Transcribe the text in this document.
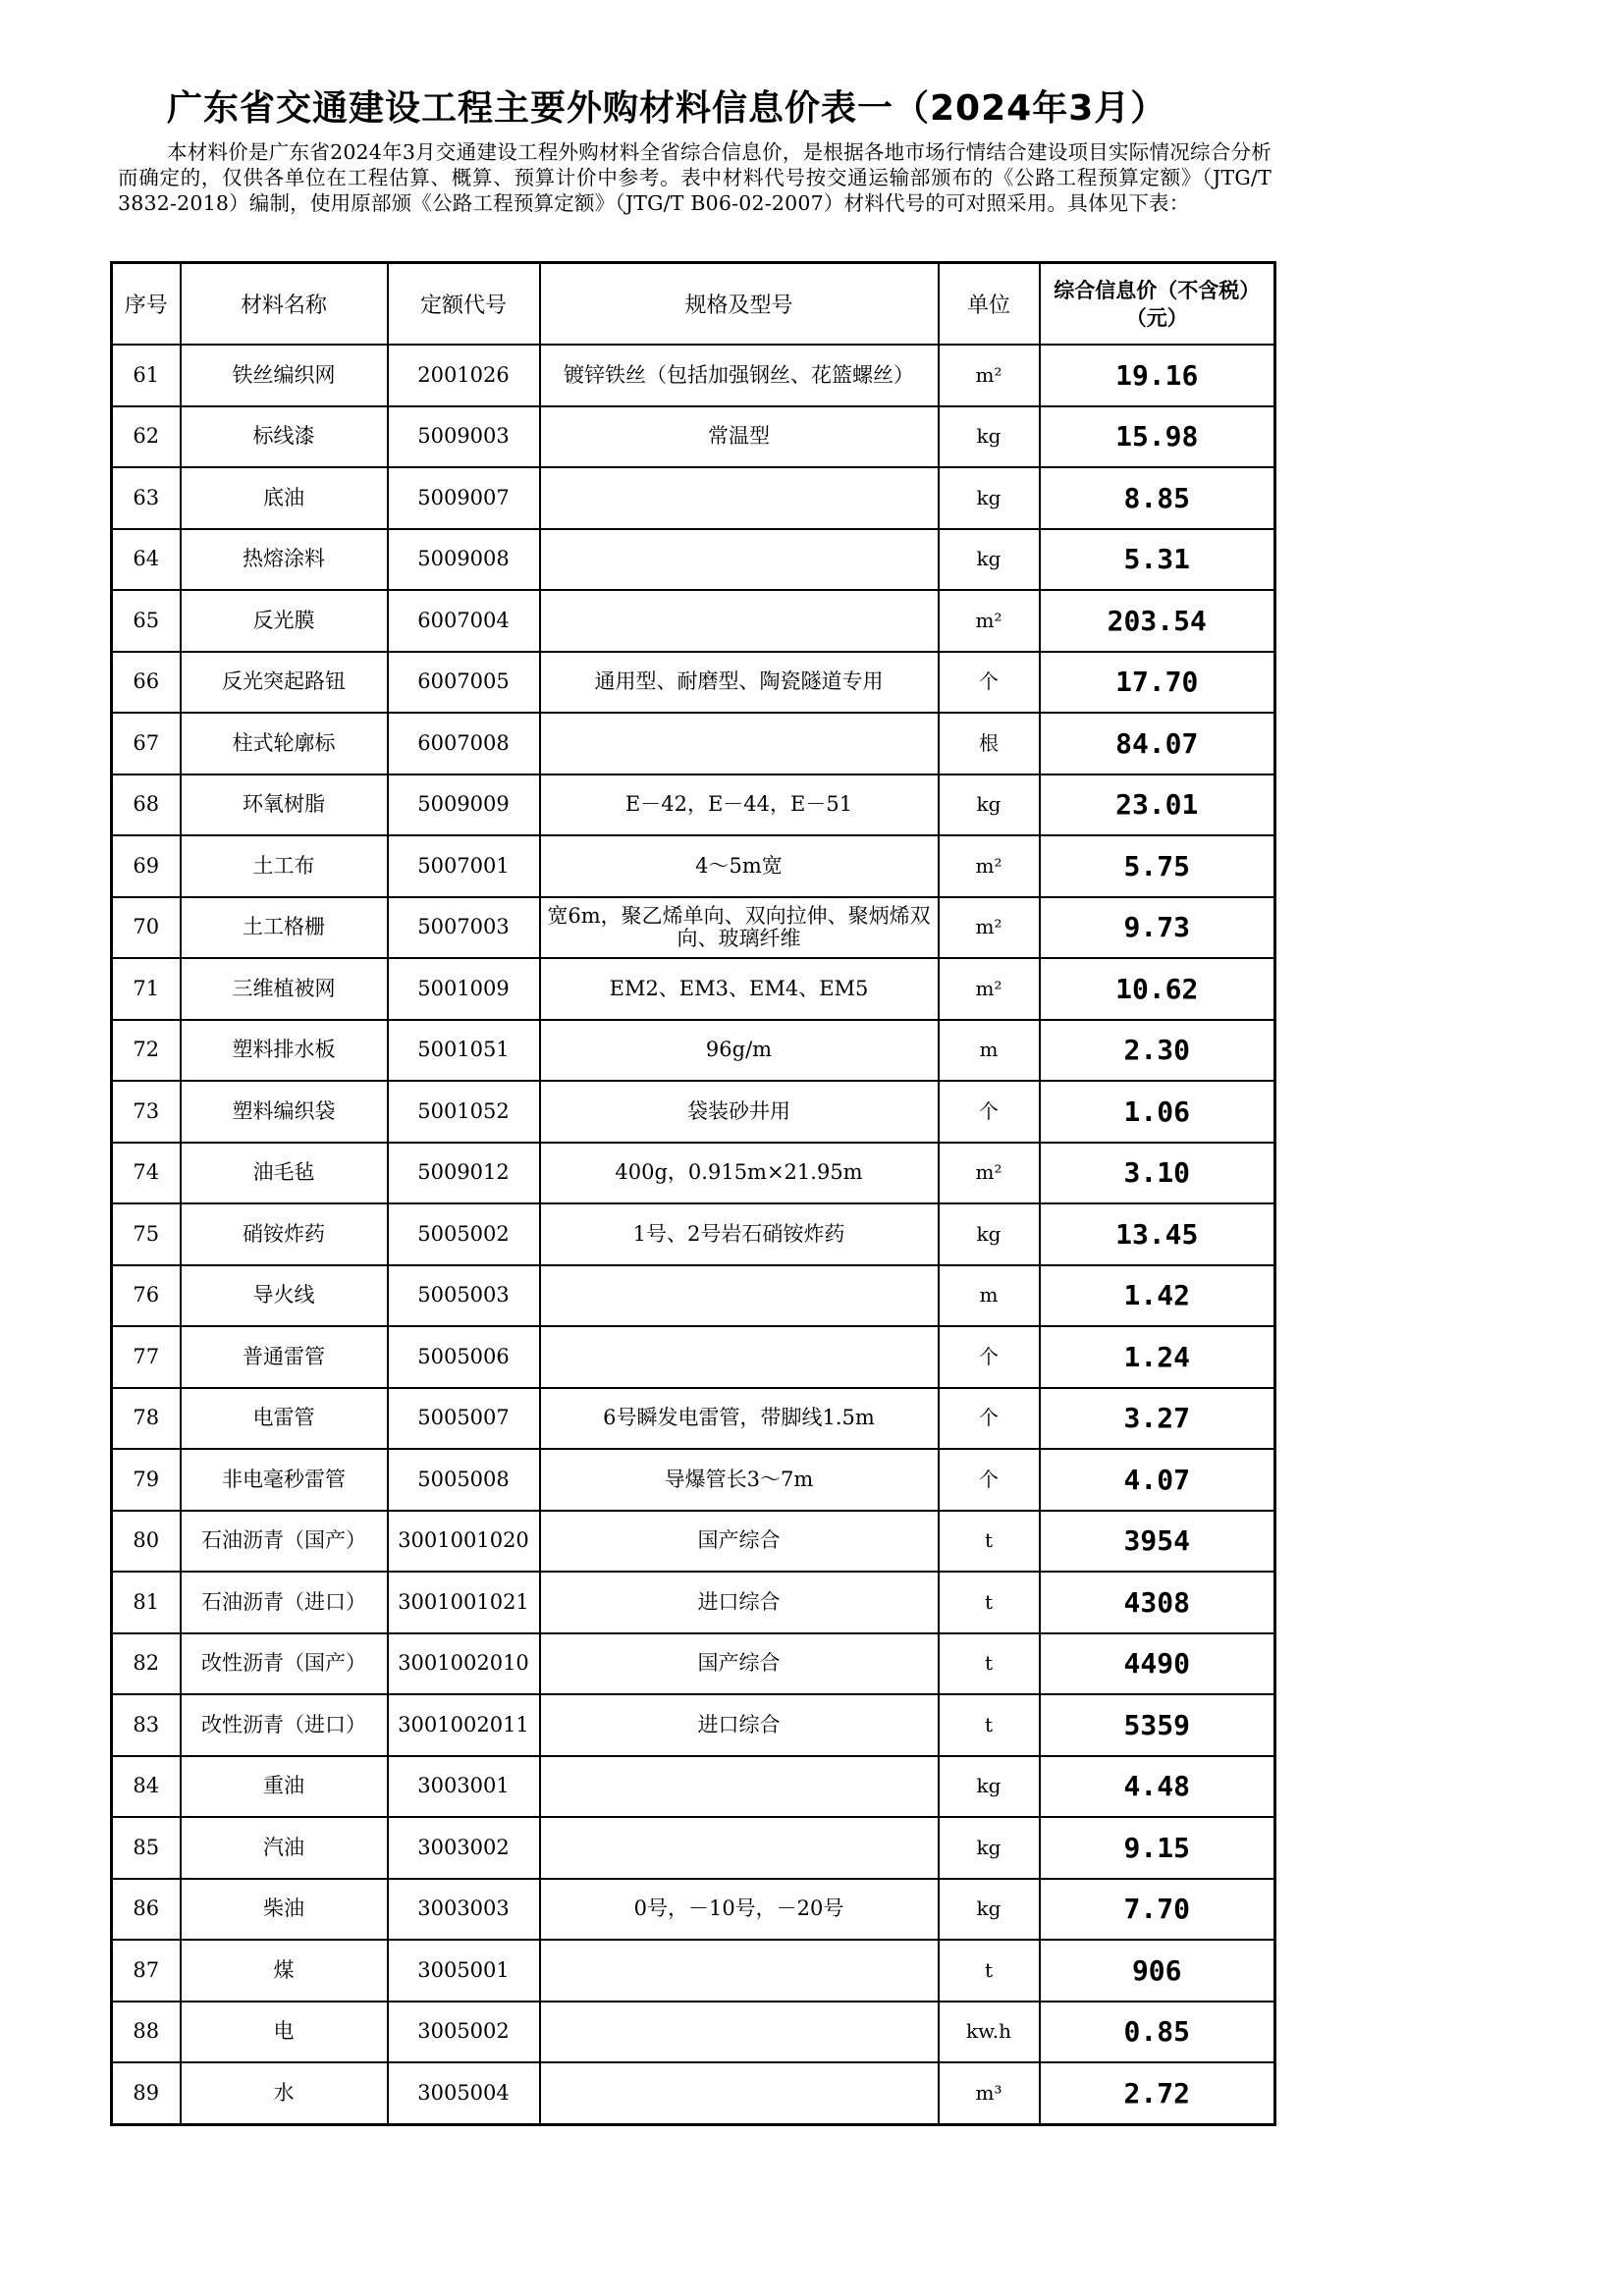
广东省交通建设工程主要外购材料信息价表一（2024年3月）

本材料价是广东省2024年3月交通建设工程外购材料全省综合信息价，是根据各地市场行情结合建设项目实际情况综合分析而确定的，仅供各单位在工程估算、概算、预算计价中参考。表中材料代号按交通运输部颁布的《公路工程预算定额》（JTG/T 3832-2018）编制，使用原部颁《公路工程预算定额》（JTG/T B06-02-2007）材料代号的可对照采用。具体见下表：

序号	材料名称	定额代号	规格及型号	单位	综合信息价（不含税）（元）
61	铁丝编织网	2001026	镀锌铁丝（包括加强钢丝、花篮螺丝）	m²	19.16
62	标线漆	5009003	常温型	kg	15.98
63	底油	5009007		kg	8.85
64	热熔涂料	5009008		kg	5.31
65	反光膜	6007004		m²	203.54
66	反光突起路钮	6007005	通用型、耐磨型、陶瓷隧道专用	个	17.70
67	柱式轮廓标	6007008		根	84.07
68	环氧树脂	5009009	E－42，E－44，E－51	kg	23.01
69	土工布	5007001	4～5m宽	m²	5.75
70	土工格栅	5007003	宽6m，聚乙烯单向、双向拉伸、聚炳烯双向、玻璃纤维	m²	9.73
71	三维植被网	5001009	EM2、EM3、EM4、EM5	m²	10.62
72	塑料排水板	5001051	96g/m	m	2.30
73	塑料编织袋	5001052	袋装砂井用	个	1.06
74	油毛毡	5009012	400g，0.915m×21.95m	m²	3.10
75	硝铵炸药	5005002	1号、2号岩石硝铵炸药	kg	13.45
76	导火线	5005003		m	1.42
77	普通雷管	5005006		个	1.24
78	电雷管	5005007	6号瞬发电雷管，带脚线1.5m	个	3.27
79	非电毫秒雷管	5005008	导爆管长3～7m	个	4.07
80	石油沥青（国产）	3001001020	国产综合	t	3954
81	石油沥青（进口）	3001001021	进口综合	t	4308
82	改性沥青（国产）	3001002010	国产综合	t	4490
83	改性沥青（进口）	3001002011	进口综合	t	5359
84	重油	3003001		kg	4.48
85	汽油	3003002		kg	9.15
86	柴油	3003003	0号，－10号，－20号	kg	7.70
87	煤	3005001		t	906
88	电	3005002		kw.h	0.85
89	水	3005004		m³	2.72
